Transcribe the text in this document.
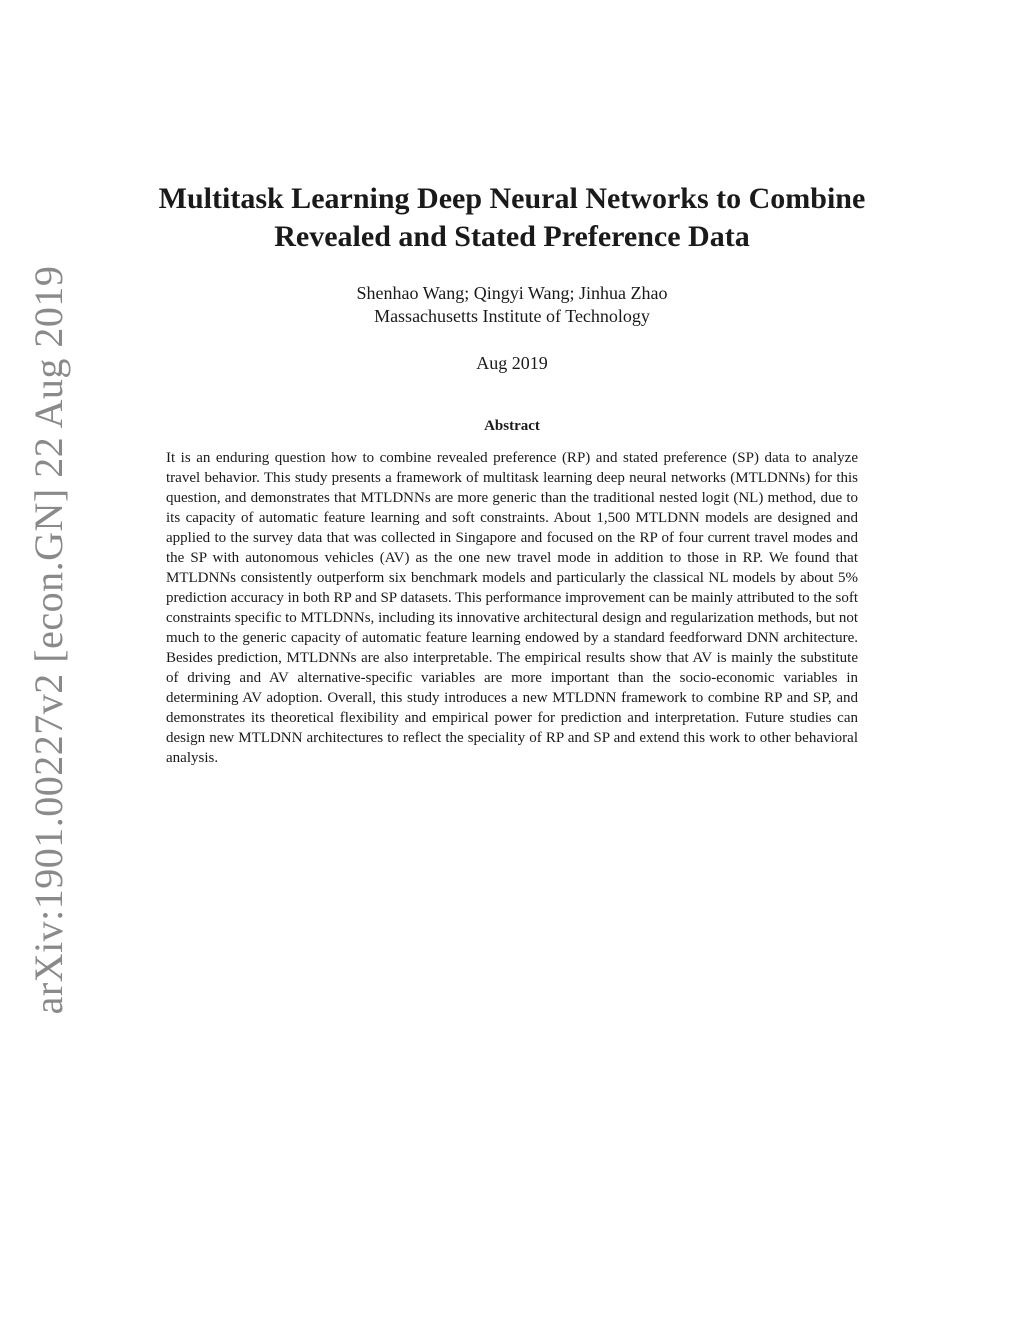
arXiv:1901.00227v2 [econ.GN] 22 Aug 2019
Multitask Learning Deep Neural Networks to Combine
Revealed and Stated Preference Data
Shenhao Wang; Qingyi Wang; Jinhua Zhao
Massachusetts Institute of Technology
Aug 2019
Abstract
It is an enduring question how to combine revealed preference (RP) and stated preference (SP) data to analyze travel behavior. This study presents a framework of multitask learning deep neural networks (MTLDNNs) for this question, and demonstrates that MTLDNNs are more generic than the traditional nested logit (NL) method, due to its capacity of automatic feature learning and soft constraints. About 1,500 MTLDNN models are designed and applied to the survey data that was collected in Singapore and focused on the RP of four current travel modes and the SP with autonomous vehicles (AV) as the one new travel mode in addition to those in RP. We found that MTLDNNs consistently outperform six benchmark models and particularly the classical NL models by about 5% prediction accuracy in both RP and SP datasets. This performance improvement can be mainly attributed to the soft constraints specific to MTLDNNs, including its innovative architectural design and regularization methods, but not much to the generic capacity of automatic feature learning endowed by a standard feedforward DNN architecture. Besides prediction, MTLDNNs are also interpretable. The empirical results show that AV is mainly the substitute of driving and AV alternative-specific variables are more important than the socio-economic variables in determining AV adoption. Overall, this study introduces a new MTLDNN framework to combine RP and SP, and demonstrates its theoretical flexibility and empirical power for prediction and interpretation. Future studies can design new MTLDNN architectures to reflect the speciality of RP and SP and extend this work to other behavioral analysis.
